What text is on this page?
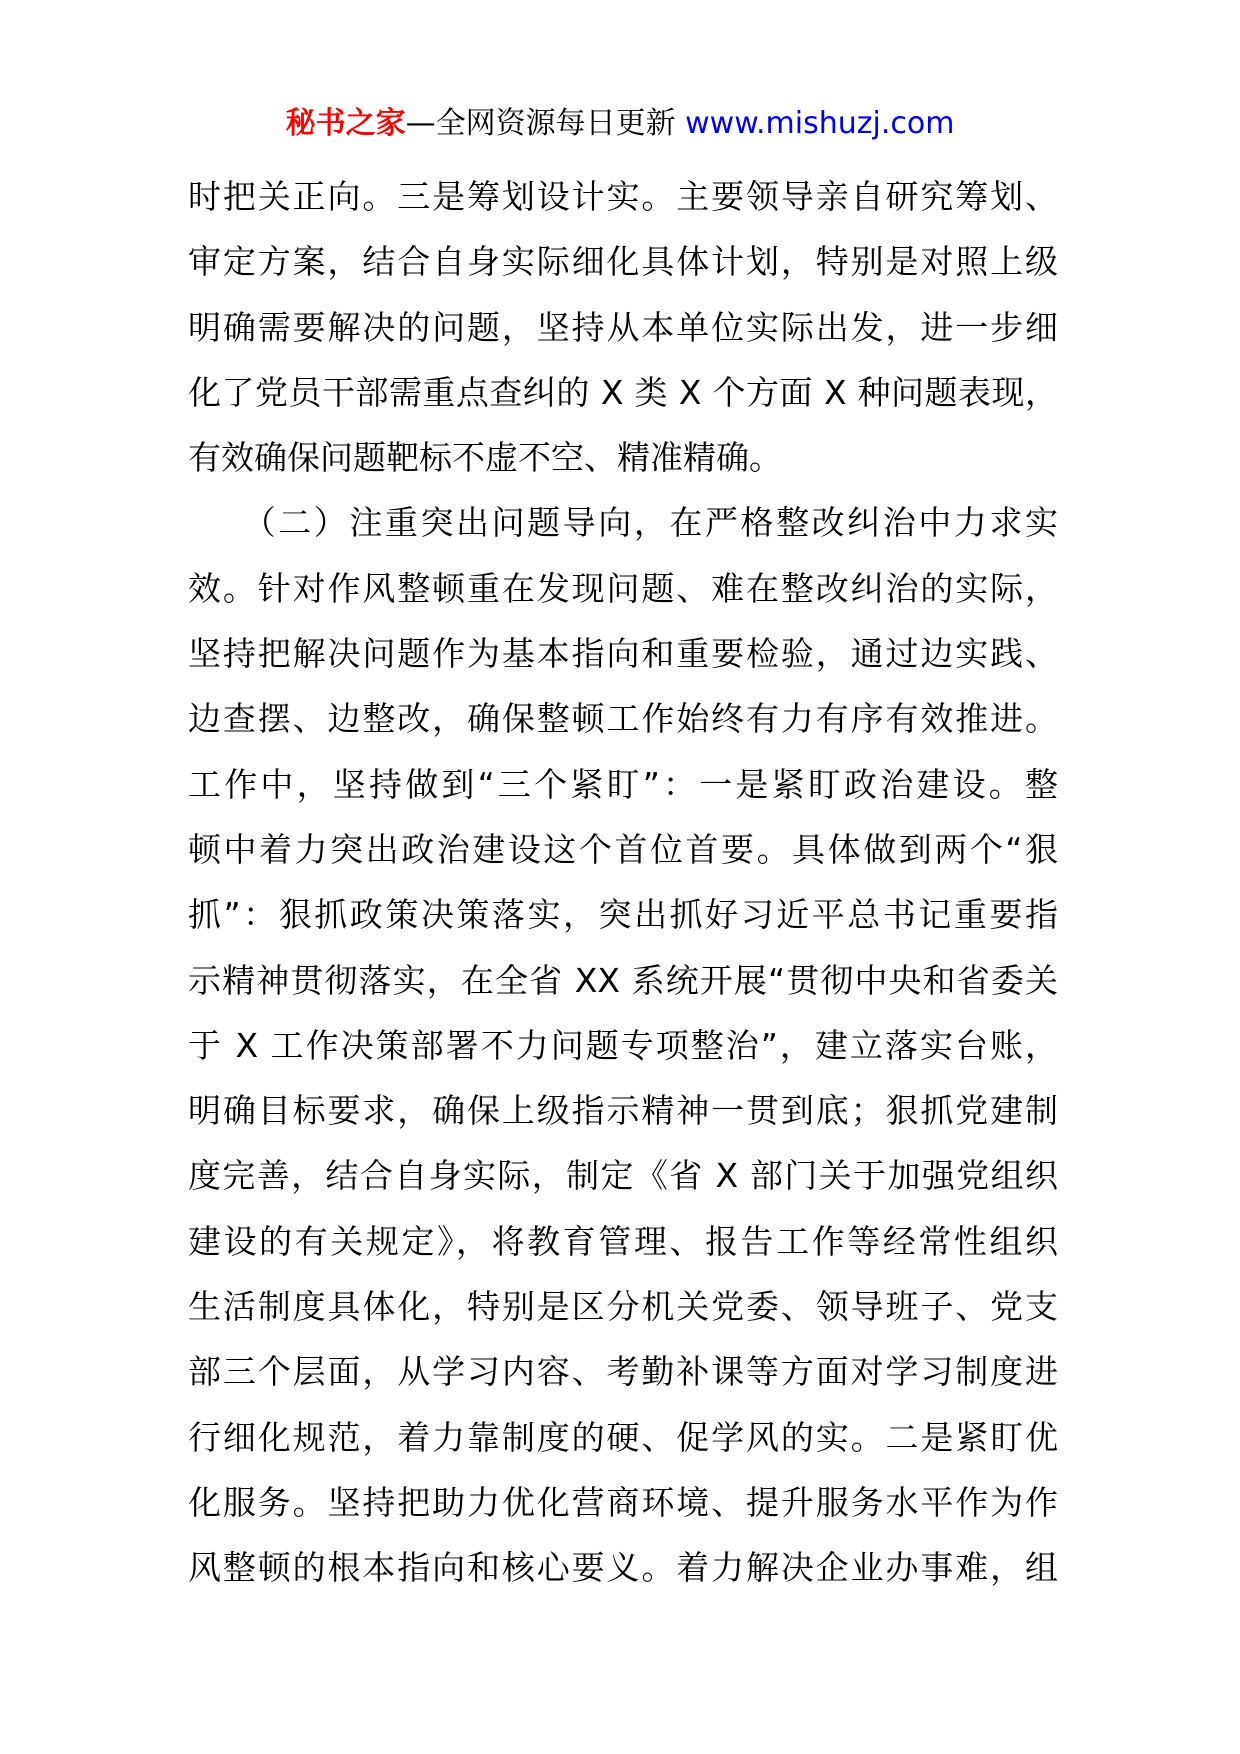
秘书之家—全网资源每日更新 www.mishuzj.com
时把关正向。三是筹划设计实。主要领导亲自研究筹划、
审定方案，结合自身实际细化具体计划，特别是对照上级
明确需要解决的问题，坚持从本单位实际出发，进一步细
化了党员干部需重点查纠的 X 类 X 个方面 X 种问题表现，
有效确保问题靶标不虚不空、精准精确。
　　（二）注重突出问题导向，在严格整改纠治中力求实
效。针对作风整顿重在发现问题、难在整改纠治的实际，
坚持把解决问题作为基本指向和重要检验，通过边实践、
边查摆、边整改，确保整顿工作始终有力有序有效推进。
工作中，坚持做到“三个紧盯”：一是紧盯政治建设。整
顿中着力突出政治建设这个首位首要。具体做到两个“狠
抓”：狠抓政策决策落实，突出抓好习近平总书记重要指
示精神贯彻落实，在全省 XX 系统开展“贯彻中央和省委关
于 X 工作决策部署不力问题专项整治”，建立落实台账，
明确目标要求，确保上级指示精神一贯到底；狠抓党建制
度完善，结合自身实际，制定《省 X 部门关于加强党组织
建设的有关规定》，将教育管理、报告工作等经常性组织
生活制度具体化，特别是区分机关党委、领导班子、党支
部三个层面，从学习内容、考勤补课等方面对学习制度进
行细化规范，着力靠制度的硬、促学风的实。二是紧盯优
化服务。坚持把助力优化营商环境、提升服务水平作为作
风整顿的根本指向和核心要义。着力解决企业办事难，组
